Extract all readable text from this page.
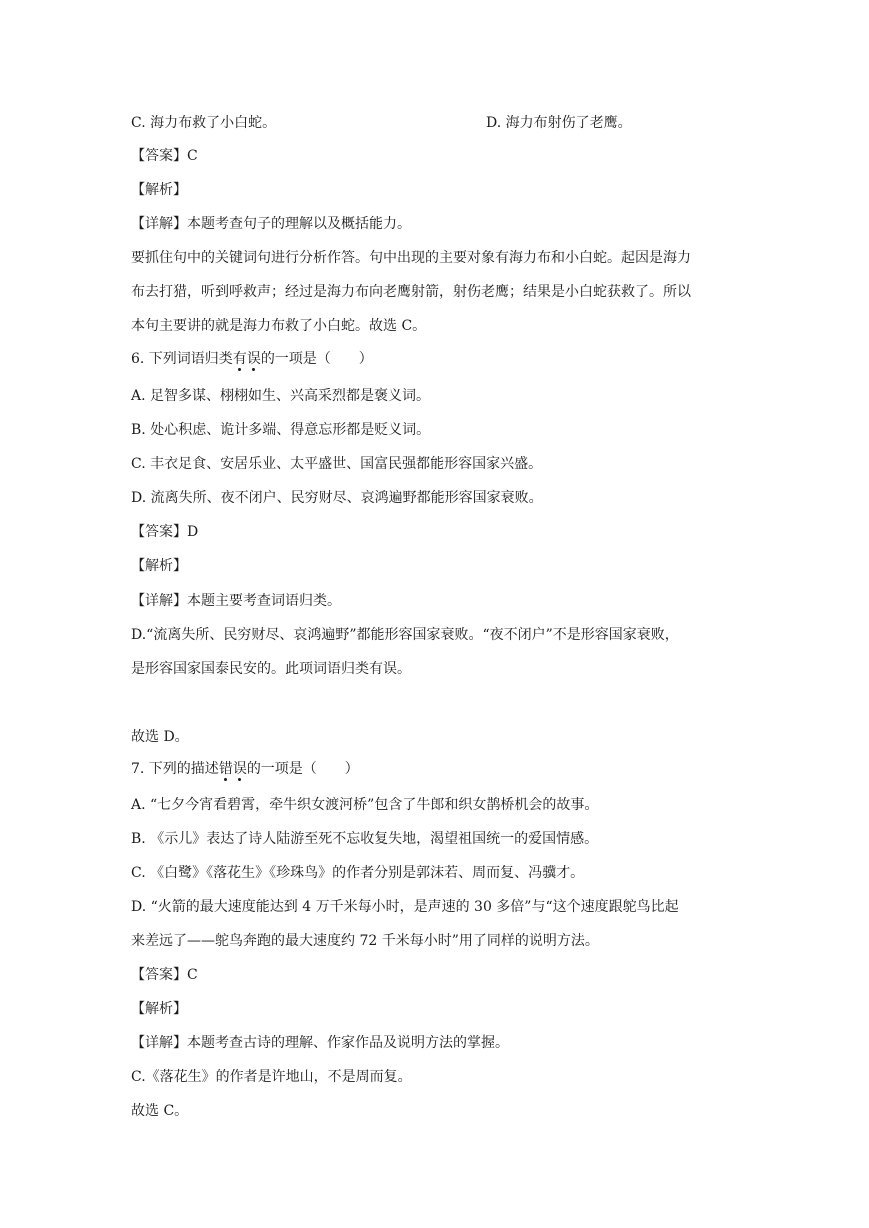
C. 海力布救了小白蛇。	D. 海力布射伤了老鹰。
【答案】C
【解析】
【详解】本题考查句子的理解以及概括能力。
要抓住句中的关键词句进行分析作答。句中出现的主要对象有海力布和小白蛇。起因是海力
布去打猎，听到呼救声；经过是海力布向老鹰射箭，射伤老鹰；结果是小白蛇获救了。所以
本句主要讲的就是海力布救了小白蛇。故选 C。
6. 下列词语归类有误的一项是（　　）
A. 足智多谋、栩栩如生、兴高采烈都是褒义词。
B. 处心积虑、诡计多端、得意忘形都是贬义词。
C. 丰衣足食、安居乐业、太平盛世、国富民强都能形容国家兴盛。
D. 流离失所、夜不闭户、民穷财尽、哀鸿遍野都能形容国家衰败。
【答案】D
【解析】
【详解】本题主要考查词语归类。
D.“流离失所、民穷财尽、哀鸿遍野”都能形容国家衰败。“夜不闭户”不是形容国家衰败，
是形容国家国泰民安的。此项词语归类有误。
故选 D。
7. 下列的描述错误的一项是（　　）
A. “七夕今宵看碧霄，牵牛织女渡河桥”包含了牛郎和织女鹊桥机会的故事。
B. 《示儿》表达了诗人陆游至死不忘收复失地，渴望祖国统一的爱国情感。
C. 《白鹭》《落花生》《珍珠鸟》的作者分别是郭沫若、周而复、冯骥才。
D. “火箭的最大速度能达到 4 万千米每小时，是声速的 30 多倍”与“这个速度跟鸵鸟比起
来差远了——鸵鸟奔跑的最大速度约 72 千米每小时”用了同样的说明方法。
【答案】C
【解析】
【详解】本题考查古诗的理解、作家作品及说明方法的掌握。
C.《落花生》的作者是许地山，不是周而复。
故选 C。
